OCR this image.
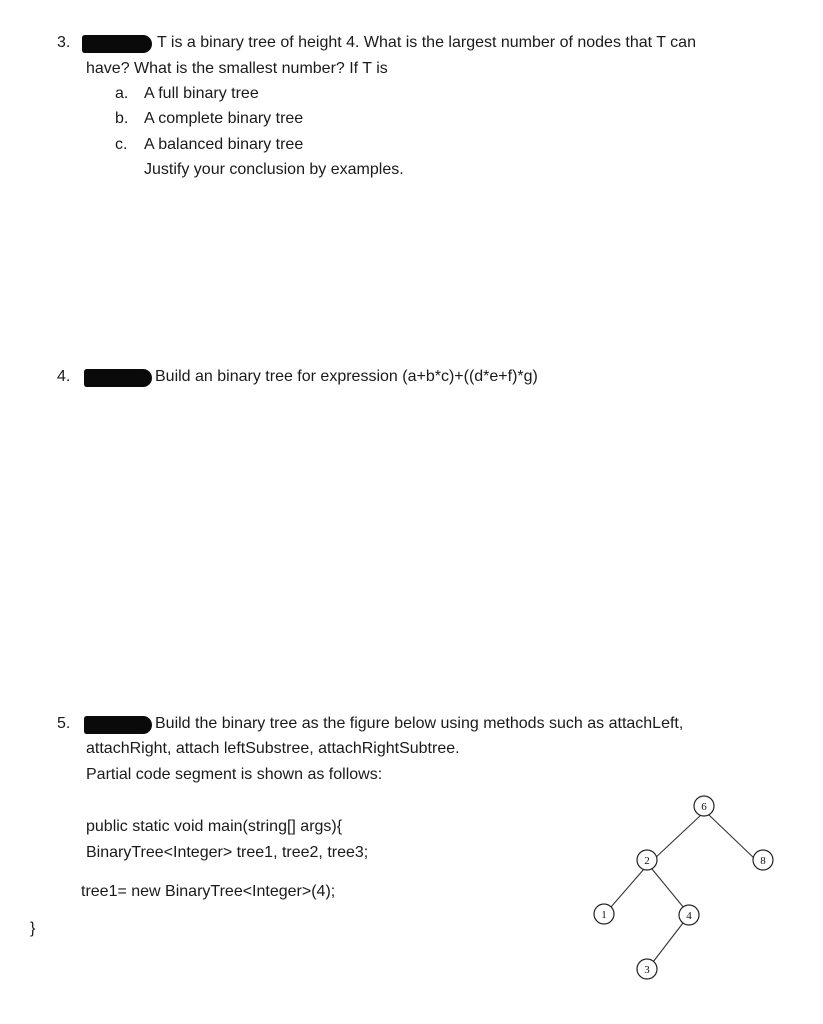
3.	T is a binary tree of height 4. What is the largest number of nodes that T can
have? What is the smallest number? If T is
a. A full binary tree
b. A complete binary tree
c. A balanced binary tree
Justify your conclusion by examples.
4.	Build an binary tree for expression (a+b*c)+((d*e+f)*g)
5.	Build the binary tree as the figure below using methods such as attachLeft,
attachRight, attach leftSubstree, attachRightSubtree.
Partial code segment is shown as follows:
public static void main(string[] args){
BinaryTree<Integer> tree1, tree2, tree3;
tree1= new BinaryTree<Integer>(4);
}
6
2	8
1	4
3
